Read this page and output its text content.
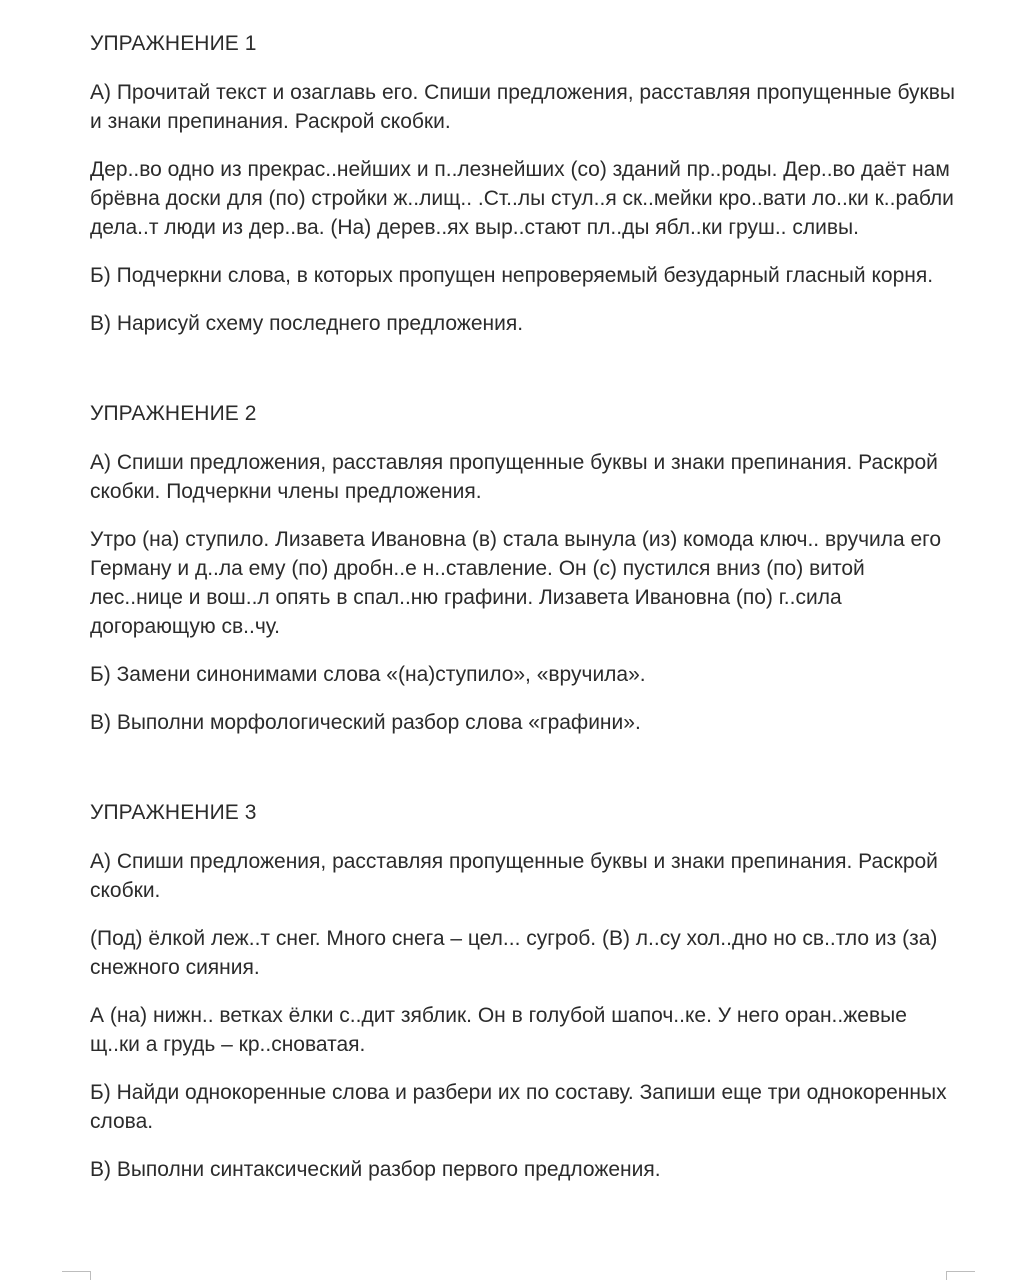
УПРАЖНЕНИЕ 1

А) Прочитай текст и озаглавь его. Спиши предложения, расставляя пропущенные буквы и знаки препинания. Раскрой скобки.

Дер..во одно из прекрас..нейших и п..лезнейших (со) зданий пр..роды. Дер..во даёт нам брёвна доски для (по) стройки ж..лищ.. .Ст..лы стул..я ск..мейки кро..вати ло..ки к..рабли дела..т люди из дер..ва. (На) дерев..ях выр..стают пл..ды ябл..ки груш.. сливы.

Б) Подчеркни слова, в которых пропущен непроверяемый безударный гласный корня.

В) Нарисуй схему последнего предложения.

УПРАЖНЕНИЕ 2

А) Спиши предложения, расставляя пропущенные буквы и знаки препинания. Раскрой скобки. Подчеркни члены предложения.

Утро (на) ступило. Лизавета Ивановна (в) стала вынула (из) комода ключ.. вручила его Герману и д..ла ему (по) дробн..е н..ставление. Он (с) пустился вниз (по) витой лес..нице и вош..л опять в спал..ню графини. Лизавета Ивановна (по) г..сила догорающую св..чу.

Б) Замени синонимами слова «(на)ступило», «вручила».

В) Выполни морфологический разбор слова «графини».

УПРАЖНЕНИЕ 3

А) Спиши предложения, расставляя пропущенные буквы и знаки препинания. Раскрой скобки.

(Под) ёлкой леж..т снег. Много снега – цел... сугроб. (В) л..су хол..дно но св..тло из (за) снежного сияния.

А (на) нижн.. ветках ёлки с..дит зяблик. Он в голубой шапоч..ке. У него оран..жевые щ..ки а грудь – кр..сноватая.

Б) Найди однокоренные слова и разбери их по составу. Запиши еще три однокоренных слова.

В) Выполни синтаксический разбор первого предложения.
